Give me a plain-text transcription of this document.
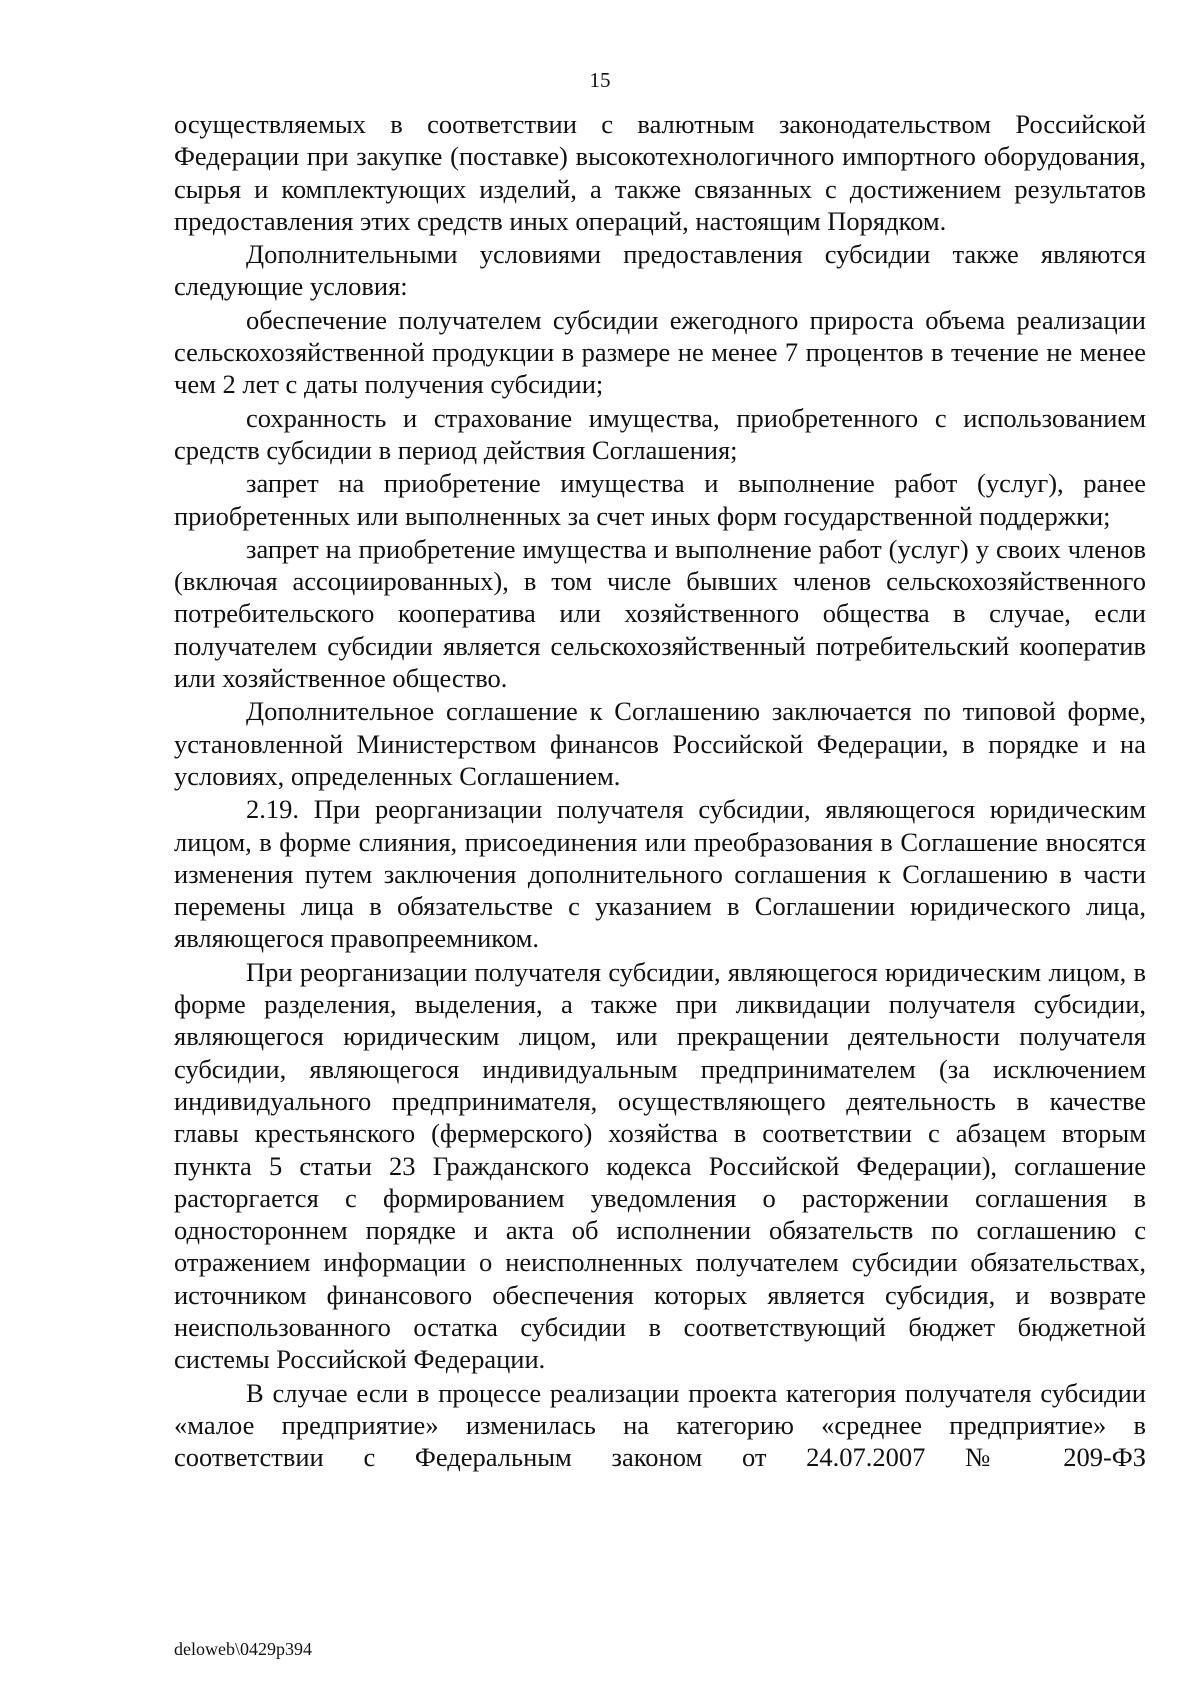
15

осуществляемых в соответствии с валютным законодательством Российской Федерации при закупке (поставке) высокотехнологичного импортного оборудования, сырья и комплектующих изделий, а также связанных с достижением результатов предоставления этих средств иных операций, настоящим Порядком.

Дополнительными условиями предоставления субсидии также являются следующие условия:

обеспечение получателем субсидии ежегодного прироста объема реализации сельскохозяйственной продукции в размере не менее 7 процентов в течение не менее чем 2 лет с даты получения субсидии;

сохранность и страхование имущества, приобретенного с использованием средств субсидии в период действия Соглашения;

запрет на приобретение имущества и выполнение работ (услуг), ранее приобретенных или выполненных за счет иных форм государственной поддержки;

запрет на приобретение имущества и выполнение работ (услуг) у своих членов (включая ассоциированных), в том числе бывших членов сельскохозяйственного потребительского кооператива или хозяйственного общества в случае, если получателем субсидии является сельскохозяйственный потребительский кооператив или хозяйственное общество.

Дополнительное соглашение к Соглашению заключается по типовой форме, установленной Министерством финансов Российской Федерации, в порядке и на условиях, определенных Соглашением.

2.19. При реорганизации получателя субсидии, являющегося юридическим лицом, в форме слияния, присоединения или преобразования в Соглашение вносятся изменения путем заключения дополнительного соглашения к Соглашению в части перемены лица в обязательстве с указанием в Соглашении юридического лица, являющегося правопреемником.

При реорганизации получателя субсидии, являющегося юридическим лицом, в форме разделения, выделения, а также при ликвидации получателя субсидии, являющегося юридическим лицом, или прекращении деятельности получателя субсидии, являющегося индивидуальным предпринимателем (за исключением индивидуального предпринимателя, осуществляющего деятельность в качестве главы крестьянского (фермерского) хозяйства в соответствии с абзацем вторым пункта 5 статьи 23 Гражданского кодекса Российской Федерации), соглашение расторгается с формированием уведомления о расторжении соглашения в одностороннем порядке и акта об исполнении обязательств по соглашению с отражением информации о неисполненных получателем субсидии обязательствах, источником финансового обеспечения которых является субсидия, и возврате неиспользованного остатка субсидии в соответствующий бюджет бюджетной системы Российской Федерации.

В случае если в процессе реализации проекта категория получателя субсидии «малое предприятие» изменилась на категорию «среднее предприятие» в соответствии с Федеральным законом от 24.07.2007 № 209-ФЗ

deloweb\0429p394
